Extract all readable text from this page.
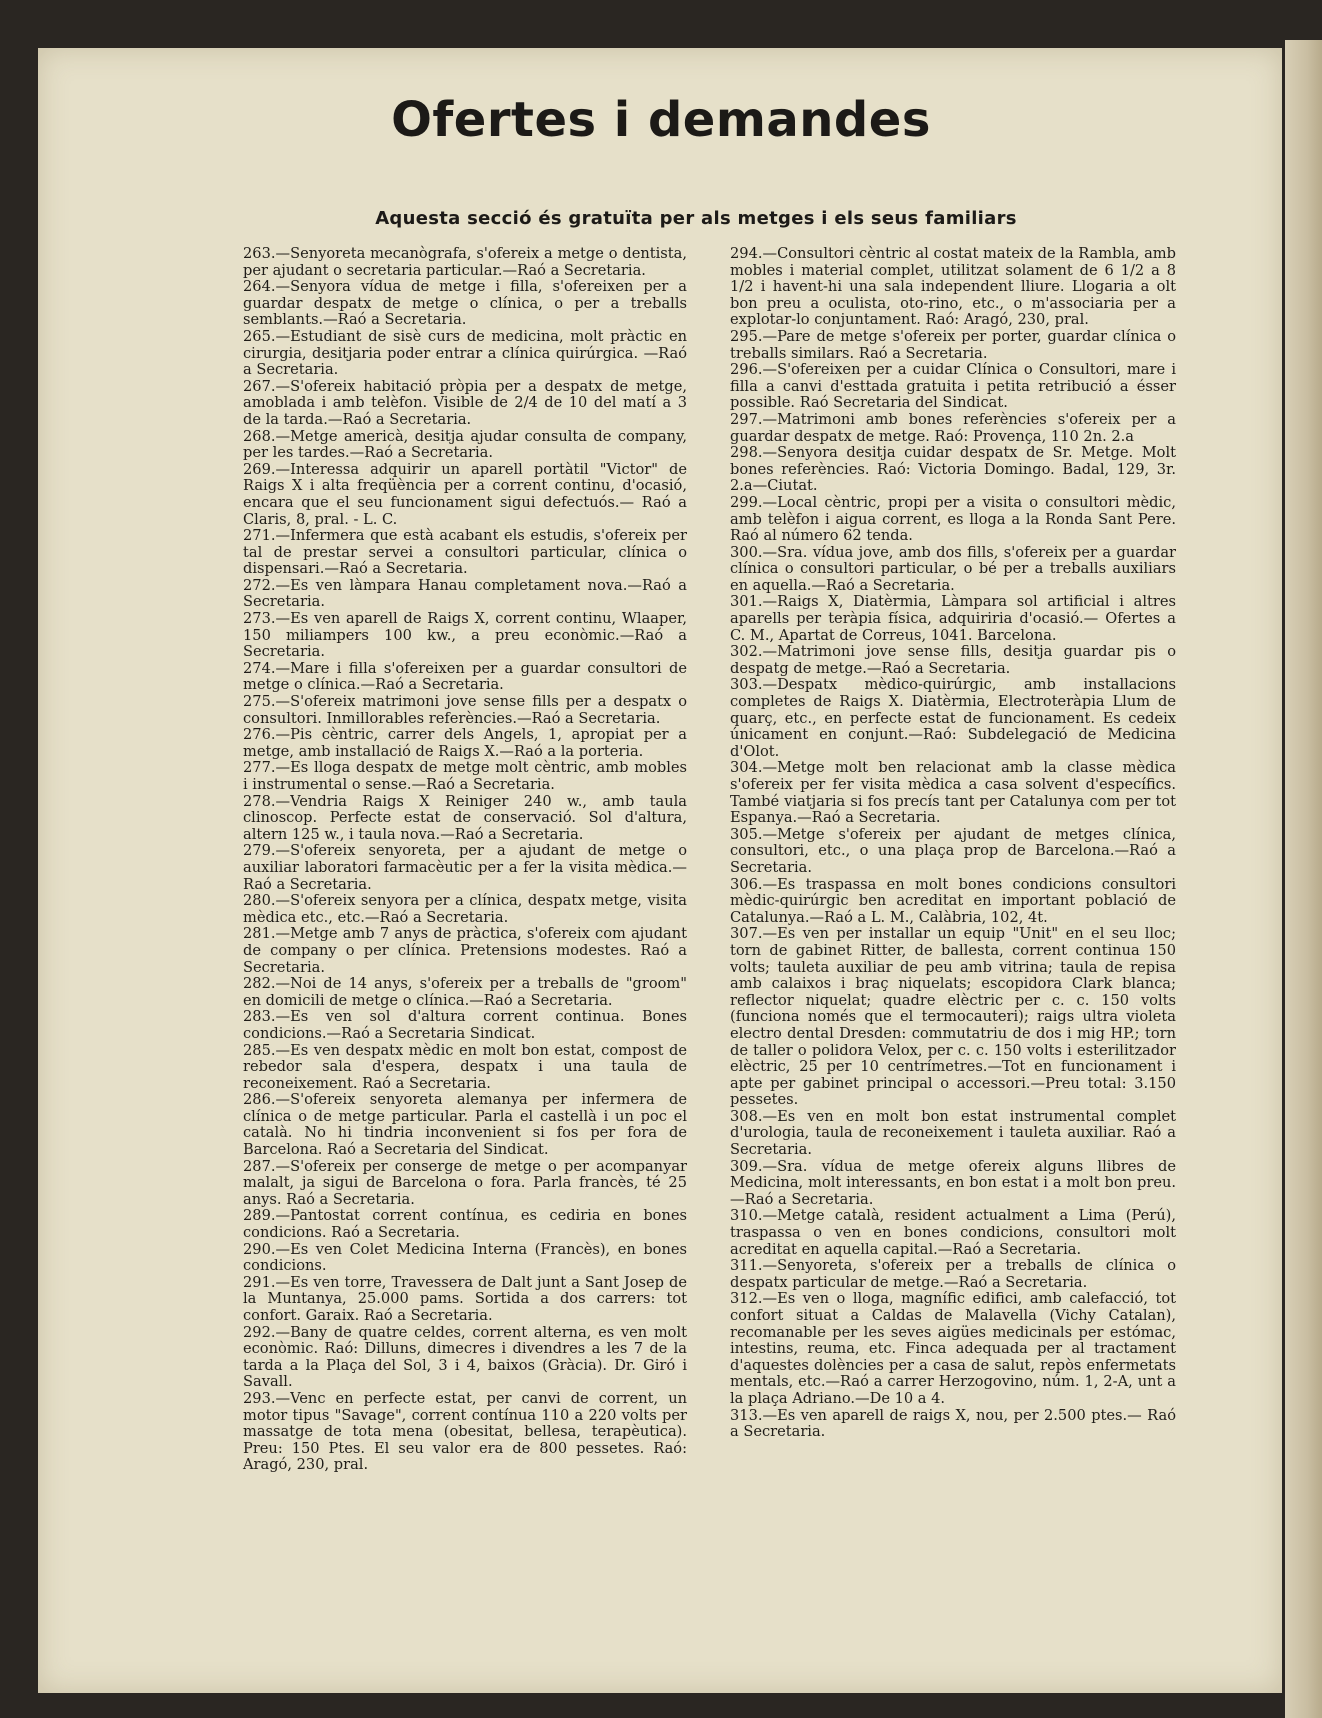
Ofertes i demandes
Aquesta secció és gratuïta per als metges i els seus familiars
263.—Senyoreta mecanògrafa, s'ofereix a metge o dentista, per ajudant o secretaria particular.—Raó a Secretaria.
264.—Senyora vídua de metge i filla, s'ofereixen per a guardar despatx de metge o clínica, o per a treballs semblants.—Raó a Secretaria.
265.—Estudiant de sisè curs de medicina, molt pràctic en cirurgia, desitjaria poder entrar a clínica quirúrgica. —Raó a Secretaria.
267.—S'ofereix habitació pròpia per a despatx de metge, amoblada i amb telèfon. Visible de 2/4 de 10 del matí a 3 de la tarda.—Raó a Secretaria.
268.—Metge americà, desitja ajudar consulta de company, per les tardes.—Raó a Secretaria.
269.—Interessa adquirir un aparell portàtil "Victor" de Raigs X i alta freqüència per a corrent continu, d'ocasió, encara que el seu funcionament sigui defectuós.— Raó a Claris, 8, pral. - L. C.
271.—Infermera que està acabant els estudis, s'ofereix per tal de prestar servei a consultori particular, clínica o dispensari.—Raó a Secretaria.
272.—Es ven làmpara Hanau completament nova.—Raó a Secretaria.
273.—Es ven aparell de Raigs X, corrent continu, Wlaaper, 150 miliampers 100 kw., a preu econòmic.—Raó a Secretaria.
274.—Mare i filla s'ofereixen per a guardar consultori de metge o clínica.—Raó a Secretaria.
275.—S'ofereix matrimoni jove sense fills per a despatx o consultori. Inmillorables referències.—Raó a Secretaria.
276.—Pis cèntric, carrer dels Angels, 1, apropiat per a metge, amb installació de Raigs X.—Raó a la porteria.
277.—Es lloga despatx de metge molt cèntric, amb mobles i instrumental o sense.—Raó a Secretaria.
278.—Vendria Raigs X Reiniger 240 w., amb taula clinoscop. Perfecte estat de conservació. Sol d'altura, altern 125 w., i taula nova.—Raó a Secretaria.
279.—S'ofereix senyoreta, per a ajudant de metge o auxiliar laboratori farmacèutic per a fer la visita mèdica.—Raó a Secretaria.
280.—S'ofereix senyora per a clínica, despatx metge, visita mèdica etc., etc.—Raó a Secretaria.
281.—Metge amb 7 anys de pràctica, s'ofereix com ajudant de company o per clínica. Pretensions modestes. Raó a Secretaria.
282.—Noi de 14 anys, s'ofereix per a treballs de "groom" en domicili de metge o clínica.—Raó a Secretaria.
283.—Es ven sol d'altura corrent continua. Bones condicions.—Raó a Secretaria Sindicat.
285.—Es ven despatx mèdic en molt bon estat, compost de rebedor sala d'espera, despatx i una taula de reconeixement. Raó a Secretaria.
286.—S'ofereix senyoreta alemanya per infermera de clínica o de metge particular. Parla el castellà i un poc el català. No hi tindria inconvenient si fos per fora de Barcelona. Raó a Secretaria del Sindicat.
287.—S'ofereix per conserge de metge o per acompanyar malalt, ja sigui de Barcelona o fora. Parla francès, té 25 anys. Raó a Secretaria.
289.—Pantostat corrent contínua, es cediria en bones condicions. Raó a Secretaria.
290.—Es ven Colet Medicina Interna (Francès), en bones condicions.
291.—Es ven torre, Travessera de Dalt junt a Sant Josep de la Muntanya, 25.000 pams. Sortida a dos carrers: tot confort. Garaix. Raó a Secretaria.
292.—Bany de quatre celdes, corrent alterna, es ven molt econòmic. Raó: Dilluns, dimecres i divendres a les 7 de la tarda a la Plaça del Sol, 3 i 4, baixos (Gràcia). Dr. Giró i Savall.
293.—Venc en perfecte estat, per canvi de corrent, un motor tipus "Savage", corrent contínua 110 a 220 volts per massatge de tota mena (obesitat, bellesa, terapèutica). Preu: 150 Ptes. El seu valor era de 800 pessetes. Raó: Aragó, 230, pral.
294.—Consultori cèntric al costat mateix de la Rambla, amb mobles i material complet, utilitzat solament de 6 1/2 a 8 1/2 i havent-hi una sala independent lliure. Llogaria a olt bon preu a oculista, oto-rino, etc., o m'associaria per a explotar-lo conjuntament. Raó: Aragó, 230, pral.
295.—Pare de metge s'ofereix per porter, guardar clínica o treballs similars. Raó a Secretaria.
296.—S'ofereixen per a cuidar Clínica o Consultori, mare i filla a canvi d'esttada gratuita i petita retribució a ésser possible. Raó Secretaria del Sindicat.
297.—Matrimoni amb bones referències s'ofereix per a guardar despatx de metge. Raó: Provença, 110 2n. 2.a
298.—Senyora desitja cuidar despatx de Sr. Metge. Molt bones referències. Raó: Victoria Domingo. Badal, 129, 3r. 2.a—Ciutat.
299.—Local cèntric, propi per a visita o consultori mèdic, amb telèfon i aigua corrent, es lloga a la Ronda Sant Pere. Raó al número 62 tenda.
300.—Sra. vídua jove, amb dos fills, s'ofereix per a guardar clínica o consultori particular, o bé per a treballs auxiliars en aquella.—Raó a Secretaria.
301.—Raigs X, Diatèrmia, Làmpara sol artificial i altres aparells per teràpia física, adquiriria d'ocasió.— Ofertes a C. M., Apartat de Correus, 1041. Barcelona.
302.—Matrimoni jove sense fills, desitja guardar pis o despatg de metge.—Raó a Secretaria.
303.—Despatx mèdico-quirúrgic, amb installacions completes de Raigs X. Diatèrmia, Electroteràpia Llum de quarç, etc., en perfecte estat de funcionament. Es cedeix únicament en conjunt.—Raó: Subdelegació de Medicina d'Olot.
304.—Metge molt ben relacionat amb la classe mèdica s'ofereix per fer visita mèdica a casa solvent d'específics. També viatjaria si fos precís tant per Catalunya com per tot Espanya.—Raó a Secretaria.
305.—Metge s'ofereix per ajudant de metges clínica, consultori, etc., o una plaça prop de Barcelona.—Raó a Secretaria.
306.—Es traspassa en molt bones condicions consultori mèdic-quirúrgic ben acreditat en important població de Catalunya.—Raó a L. M., Calàbria, 102, 4t.
307.—Es ven per installar un equip "Unit" en el seu lloc; torn de gabinet Ritter, de ballesta, corrent continua 150 volts; tauleta auxiliar de peu amb vitrina; taula de repisa amb calaixos i braç niquelats; escopidora Clark blanca; reflector niquelat; quadre elèctric per c. c. 150 volts (funciona només que el termocauteri); raigs ultra violeta electro dental Dresden: commutatriu de dos i mig HP.; torn de taller o polidora Velox, per c. c. 150 volts i esterilitzador elèctric, 25 per 10 centrímetres.—Tot en funcionament i apte per gabinet principal o accessori.—Preu total: 3.150 pessetes.
308.—Es ven en molt bon estat instrumental complet d'urologia, taula de reconeixement i tauleta auxiliar. Raó a Secretaria.
309.—Sra. vídua de metge ofereix alguns llibres de Medicina, molt interessants, en bon estat i a molt bon preu.—Raó a Secretaria.
310.—Metge català, resident actualment a Lima (Perú), traspassa o ven en bones condicions, consultori molt acreditat en aquella capital.—Raó a Secretaria.
311.—Senyoreta, s'ofereix per a treballs de clínica o despatx particular de metge.—Raó a Secretaria.
312.—Es ven o lloga, magnífic edifici, amb calefacció, tot confort situat a Caldas de Malavella (Vichy Catalan), recomanable per les seves aigües medicinals per estómac, intestins, reuma, etc. Finca adequada per al tractament d'aquestes dolències per a casa de salut, repòs enfermetats mentals, etc.—Raó a carrer Herzogovino, núm. 1, 2-A, unt a la plaça Adriano.—De 10 a 4.
313.—Es ven aparell de raigs X, nou, per 2.500 ptes.— Raó a Secretaria.
